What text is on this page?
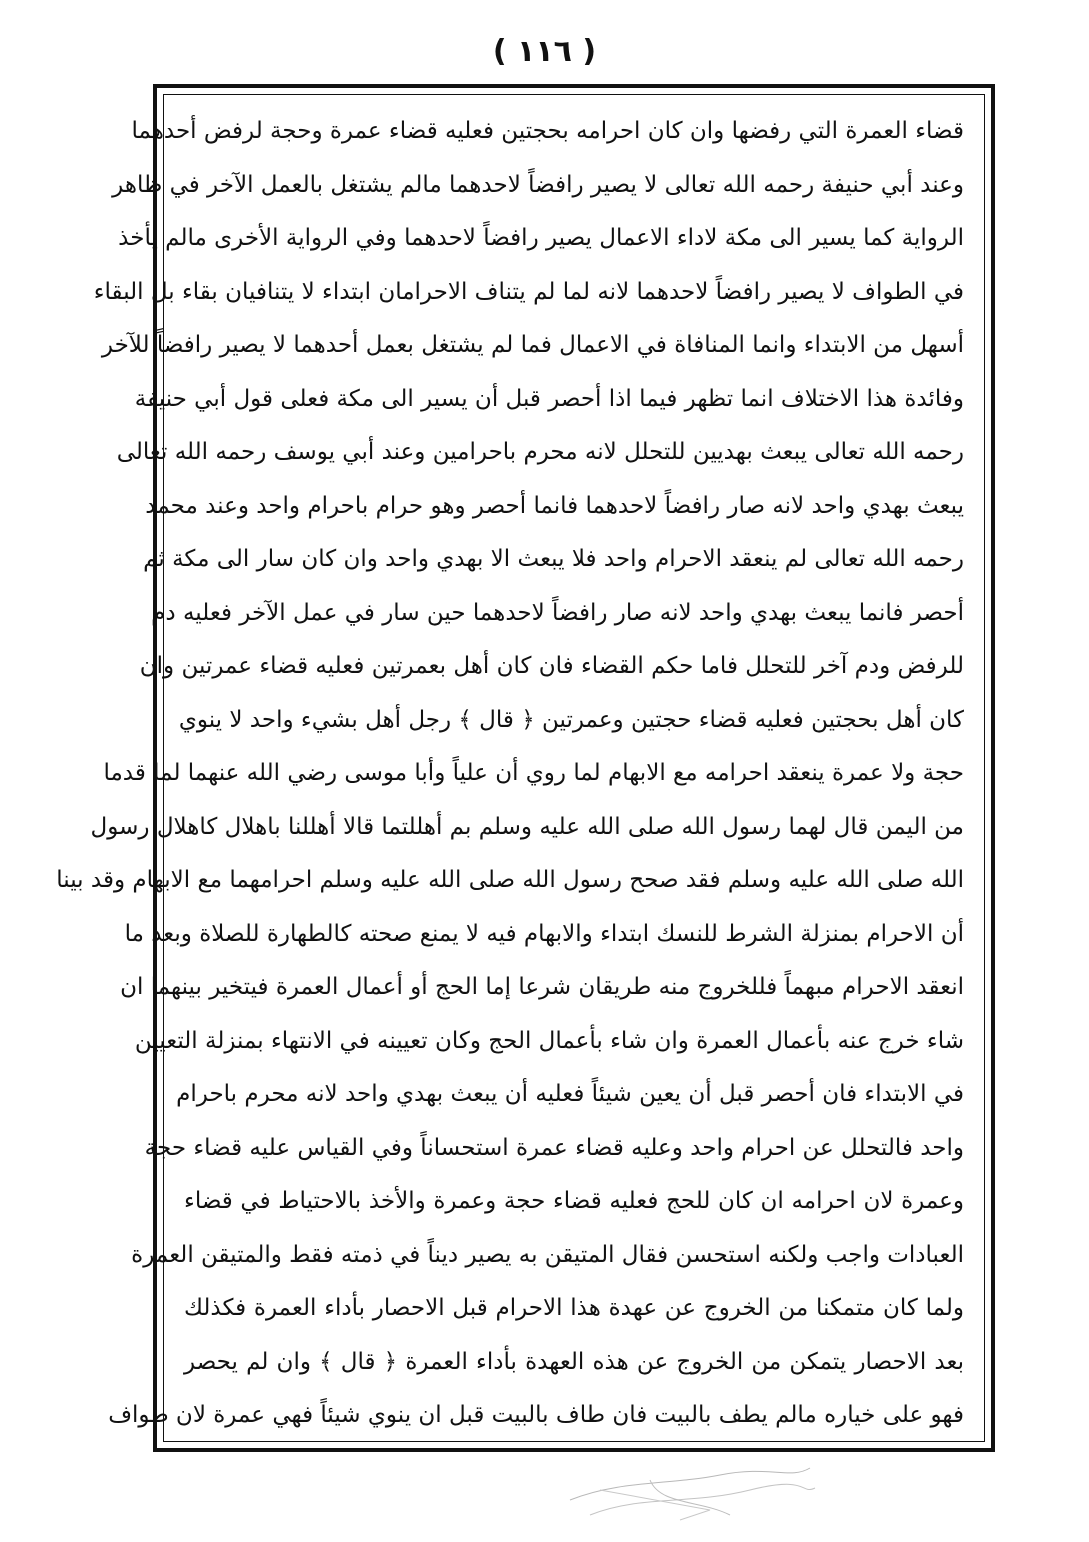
( ١١٦ )
قضاء العمرة التي رفضها وان كان احرامه بحجتين فعليه قضاء عمرة وحجة لرفض أحدهما
وعند أبي حنيفة رحمه الله تعالى لا يصير رافضاً لاحدهما مالم يشتغل بالعمل الآخر في ظاهر
الرواية كما يسير الى مكة لاداء الاعمال يصير رافضاً لاحدهما وفي الرواية الأخرى مالم يأخذ
في الطواف لا يصير رافضاً لاحدهما لانه لما لم يتناف الاحرامان ابتداء لا يتنافيان بقاء بل البقاء
أسهل من الابتداء وانما المنافاة في الاعمال فما لم يشتغل بعمل أحدهما لا يصير رافضاً للآخر
وفائدة هذا الاختلاف انما تظهر فيما اذا أحصر قبل أن يسير الى مكة فعلى قول أبي حنيفة
رحمه الله تعالى يبعث بهديين للتحلل لانه محرم باحرامين وعند أبي يوسف رحمه الله تعالى
يبعث بهدي واحد لانه صار رافضاً لاحدهما فانما أحصر وهو حرام باحرام واحد وعند محمد
رحمه الله تعالى لم ينعقد الاحرام واحد فلا يبعث الا بهدي واحد وان كان سار الى مكة ثم
أحصر فانما يبعث بهدي واحد لانه صار رافضاً لاحدهما حين سار في عمل الآخر فعليه دم
للرفض ودم آخر للتحلل فاما حكم القضاء فان كان أهل بعمرتين فعليه قضاء عمرتين وان
كان أهل بحجتين فعليه قضاء حجتين وعمرتين ﴿ قال ﴾ رجل أهل بشيء واحد لا ينوي
حجة ولا عمرة ينعقد احرامه مع الابهام لما روي أن علياً وأبا موسى رضي الله عنهما لما قدما
من اليمن قال لهما رسول الله صلى الله عليه وسلم بم أهللتما قالا أهللنا باهلال كاهلال رسول
الله صلى الله عليه وسلم فقد صحح رسول الله صلى الله عليه وسلم احرامهما مع الابهام وقد بينا
أن الاحرام بمنزلة الشرط للنسك ابتداء والابهام فيه لا يمنع صحته كالطهارة للصلاة وبعد ما
انعقد الاحرام مبهماً فللخروج منه طريقان شرعا إما الحج أو أعمال العمرة فيتخير بينهما ان
شاء خرج عنه بأعمال العمرة وان شاء بأعمال الحج وكان تعيينه في الانتهاء بمنزلة التعيين
في الابتداء فان أحصر قبل أن يعين شيئاً فعليه أن يبعث بهدي واحد لانه محرم باحرام
واحد فالتحلل عن احرام واحد وعليه قضاء عمرة استحساناً وفي القياس عليه قضاء حجة
وعمرة لان احرامه ان كان للحج فعليه قضاء حجة وعمرة والأخذ بالاحتياط في قضاء
العبادات واجب ولكنه استحسن فقال المتيقن به يصير ديناً في ذمته فقط والمتيقن العمرة
ولما كان متمكنا من الخروج عن عهدة هذا الاحرام قبل الاحصار بأداء العمرة فكذلك
بعد الاحصار يتمكن من الخروج عن هذه العهدة بأداء العمرة ﴿ قال ﴾ وان لم يحصر
فهو على خياره مالم يطف بالبيت فان طاف بالبيت قبل ان ينوي شيئاً فهي عمرة لان طواف
